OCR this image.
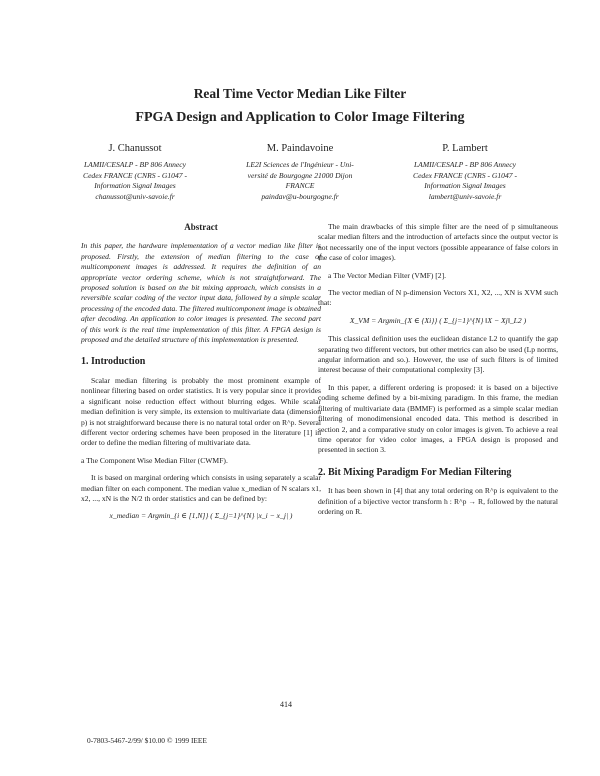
Real Time Vector Median Like Filter
FPGA Design and Application to Color Image Filtering
J. Chanussot
LAMII/CESALP - BP 806 Annecy
Cedex FRANCE (CNRS - G1047 -
Information Signal Images
chanussot@univ-savoie.fr
M. Paindavoine
LE2I Sciences de l'Ingénieur - Uni-
versité de Bourgogne 21000 Dijon
FRANCE
paindav@u-bourgogne.fr
P. Lambert
LAMII/CESALP - BP 806 Annecy
Cedex FRANCE (CNRS - G1047 -
Information Signal Images
lambert@univ-savoie.fr
Abstract

In this paper, the hardware implementation of a vector median like filter is proposed. Firstly, the extension of median filtering to the case of multicomponent images is addressed. It requires the definition of an appropriate vector ordering scheme, which is not straightforward. The proposed solution is based on the bit mixing approach, which consists in a reversible scalar coding of the vector input data, followed by a simple scalar processing of the encoded data. The filtered multicomponent image is obtained after decoding. An application to color images is presented. The second part of this work is the real time implementation of this filter. A FPGA design is proposed and the detailed structure of this implementation is presented.

1. Introduction

Scalar median filtering is probably the most prominent example of nonlinear filtering based on order statistics. It is very popular since it provides a significant noise reduction effect without blurring edges. While scalar median definition is very simple, its extension to multivariate data (dimension p) is not straightforward because there is no natural total order on R^p. Several different vector ordering schemes have been proposed in the literature [1] in order to define the median filtering of multivariate data.

a The Component Wise Median Filter (CWMF).

It is based on marginal ordering which consists in using separately a scalar median filter on each component. The median value x_median of N scalars x1, x2, ..., xN is the N/2 th order statistics and can be defined by:

x_median = Argmin_{i ∈ [1,N]} ( Σ_{j=1}^{N} |x_i − x_j| )

The main drawbacks of this simple filter are the need of p simultaneous scalar median filters and the introduction of artefacts since the output vector is not necessarily one of the input vectors (possible appearance of false colors in the case of color images).

a The Vector Median Filter (VMF) [2].

The vector median of N p-dimension Vectors X1, X2, ..., XN is XVM such that:

X_VM = Argmin_{X ∈ {Xi}} ( Σ_{j=1}^{N} ‖X − Xj‖_L2 )

This classical definition uses the euclidean distance L2 to quantify the gap separating two different vectors, but other metrics can also be used (Lp norms, angular information and so.). However, the use of such filters is of limited interest because of their computational complexity [3].

In this paper, a different ordering is proposed: it is based on a bijective coding scheme defined by a bit-mixing paradigm. In this frame, the median filtering of multivariate data (BMMF) is performed as a simple scalar median filtering of monodimensional encoded data. This method is described in section 2, and a comparative study on color images is given. To achieve a real time operator for video color images, a FPGA design is proposed and presented in section 3.

2. Bit Mixing Paradigm For Median Filtering

It has been shown in [4] that any total ordering on R^p is equivalent to the definition of a bijective vector transform h : R^p → R, followed by the natural ordering on R.

414
0-7803-5467-2/99/ $10.00 © 1999 IEEE
